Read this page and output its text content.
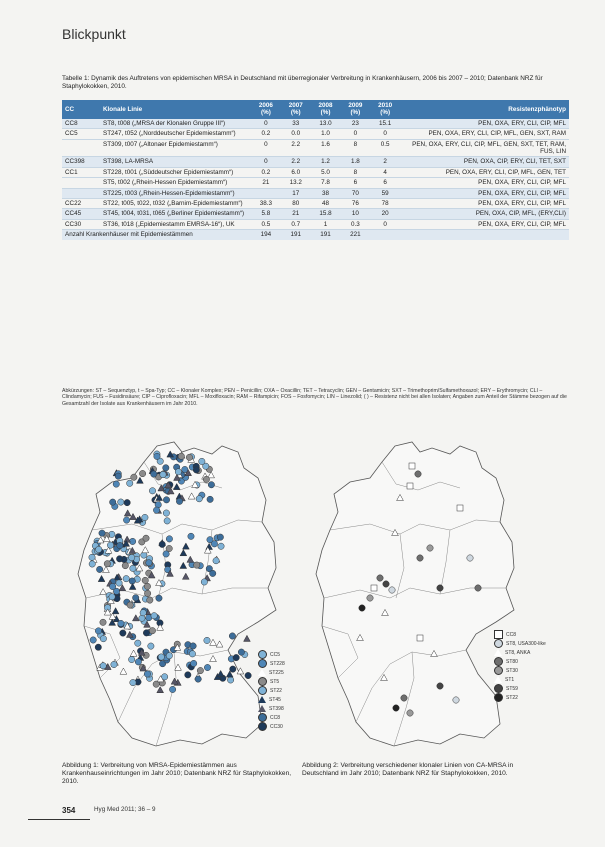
Blickpunkt
Tabelle 1: Dynamik des Auftretens von epidemischen MRSA in Deutschland mit überregionaler Verbreitung in Krankenhäusern, 2006 bis 2007 – 2010; Datenbank NRZ für Staphylokokken, 2010.
CC	Klonale Linie	2006 (%)	2007 (%)	2008 (%)	2009 (%)	2010 (%)	Resistenzphänotyp
CC8	ST8, t008 („MRSA der Klonalen Gruppe III“)	0	33	13.0	23	15.1	PEN, OXA, ERY, CLI, CIP, MFL
CC5	ST247, t052 („Norddeutscher Epidemiestamm“)	0.2	0.0	1.0	0	0	PEN, OXA, ERY, CLI, CIP, MFL, GEN, SXT, RAM
	ST309, t007 („Altonaer Epidemiestamm“)	0	2.2	1.6	8	0.5	PEN, OXA, ERY, CLI, CIP, MFL, GEN, SXT, TET, RAM, FUS, LIN
CC398	ST398, LA-MRSA	0	2.2	1.2	1.8	2	PEN, OXA, CIP, ERY, CLI, TET, SXT
CC1	ST228, t001 („Süddeutscher Epidemiestamm“)	0.2	6.0	5.0	8	4	PEN, OXA, ERY, CLI, CIP, MFL, GEN, TET
	ST5, t002 („Rhein-Hessen Epidemiestamm“)	21	13.2	7.8	6	6	PEN, OXA, ERY, CLI, CIP, MFL
	ST225, t003 („Rhein-Hessen-Epidemiestamm“)		17	38	70	59	PEN, OXA, ERY, CLI, CIP, MFL
CC22	ST22, t005, t022, t032 („Barnim-Epidemiestamm“)	38.3	80	48	76	78	PEN, OXA, ERY, CLI, CIP, MFL
CC45	ST45, t004, t031, t065 („Berliner Epidemiestamm“)	5.8	21	15.8	10	20	PEN, OXA, CIP, MFL, (ERY,CLI)
CC30	ST36, t018 („Epidemiestamm EMRSA-16“), UK	0.5	0.7	1	0.3	0	PEN, OXA, ERY, CLI, CIP, MFL
Anzahl Krankenhäuser mit Epidemiestämmen		194	191	191	221		
Abkürzungen: ST – Sequenztyp, t – Spa-Typ; CC – Klonaler Komplex; PEN – Penicillin; OXA – Oxacillin; TET – Tetracyclin; GEN – Gentamicin; SXT – Trimethoprim/Sulfamethoxazol; ERY – Erythromycin; CLI – Clindamycin; FUS – Fusidinsäure; CIP – Ciprofloxacin; MFL – Moxifloxacin; RAM – Rifampicin; FOS – Fosfomycin; LIN – Linezolid; ( ) – Resistenz nicht bei allen Isolaten; Angaben zum Anteil der Stämme bezogen auf die Gesamtzahl der Isolate aus Krankenhäusern im Jahr 2010.
CC5
ST228
ST225
ST5
ST22
ST45
ST398
CC8
CC30
CC8
ST8, USA300-like
ST8, ANKA
ST80
ST30
ST1
ST59
ST22
Abbildung 1: Verbreitung von MRSA-Epidemiestämmen aus Krankenhauseinrichtungen im Jahr 2010; Datenbank NRZ für Staphylokokken, 2010.
Abbildung 2: Verbreitung verschiedener klonaler Linien von CA-MRSA in Deutschland im Jahr 2010; Datenbank NRZ für Staphylokokken, 2010.
354	Hyg Med 2011; 36 – 9
